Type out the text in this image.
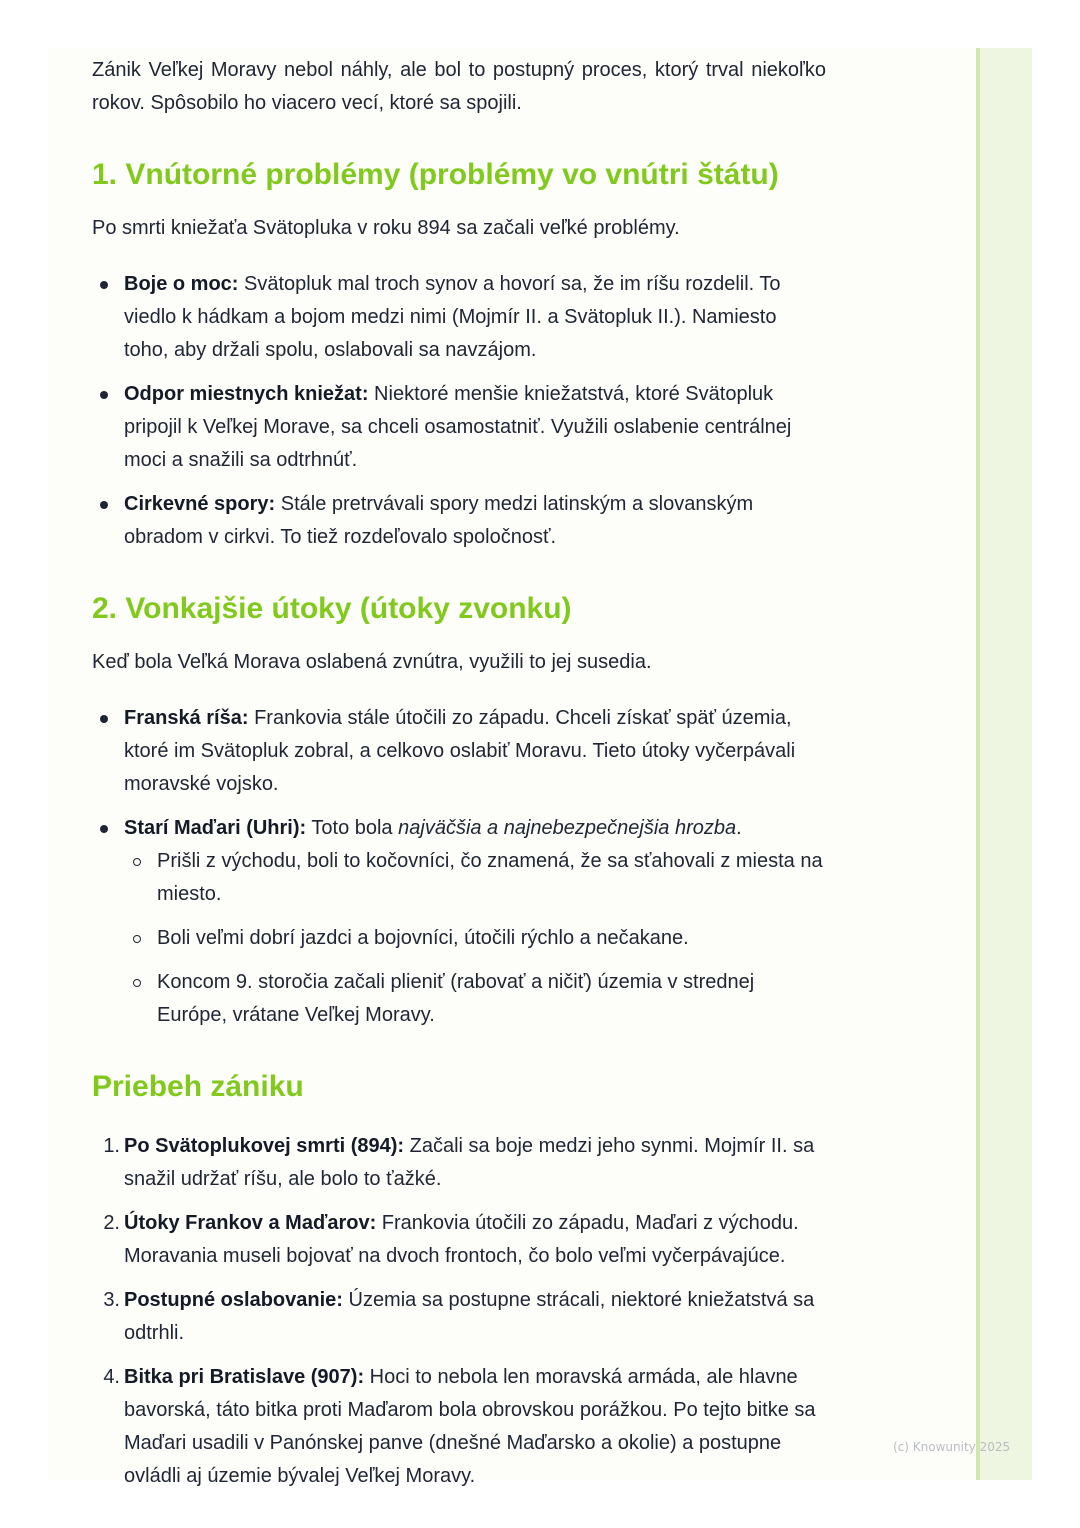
Zánik Veľkej Moravy nebol náhly, ale bol to postupný proces, ktorý trval niekoľko rokov. Spôsobilo ho viacero vecí, ktoré sa spojili.

1. Vnútorné problémy (problémy vo vnútri štátu)

Po smrti kniežaťa Svätopluka v roku 894 sa začali veľké problémy.

Boje o moc: Svätopluk mal troch synov a hovorí sa, že im ríšu rozdelil. To viedlo k hádkam a bojom medzi nimi (Mojmír II. a Svätopluk II.). Namiesto toho, aby držali spolu, oslabovali sa navzájom.
Odpor miestnych kniežat: Niektoré menšie kniežatstvá, ktoré Svätopluk pripojil k Veľkej Morave, sa chceli osamostatniť. Využili oslabenie centrálnej moci a snažili sa odtrhnúť.
Cirkevné spory: Stále pretrvávali spory medzi latinským a slovanským obradom v cirkvi. To tiež rozdeľovalo spoločnosť.
2. Vonkajšie útoky (útoky zvonku)

Keď bola Veľká Morava oslabená zvnútra, využili to jej susedia.

Franská ríša: Frankovia stále útočili zo západu. Chceli získať späť územia, ktoré im Svätopluk zobral, a celkovo oslabiť Moravu. Tieto útoky vyčerpávali moravské vojsko.
Starí Maďari (Uhri): Toto bola najväčšia a najnebezpečnejšia hrozba.
Prišli z východu, boli to kočovníci, čo znamená, že sa sťahovali z miesta na miesto.
Boli veľmi dobrí jazdci a bojovníci, útočili rýchlo a nečakane.
Koncom 9. storočia začali plieniť (rabovať a ničiť) územia v strednej Európe, vrátane Veľkej Moravy.
Priebeh zániku
1. Po Svätoplukovej smrti (894): Začali sa boje medzi jeho synmi. Mojmír II. sa snažil udržať ríšu, ale bolo to ťažké.
2. Útoky Frankov a Maďarov: Frankovia útočili zo západu, Maďari z východu. Moravania museli bojovať na dvoch frontoch, čo bolo veľmi vyčerpávajúce.
3. Postupné oslabovanie: Územia sa postupne strácali, niektoré kniežatstvá sa odtrhli.
4. Bitka pri Bratislave (907): Hoci to nebola len moravská armáda, ale hlavne bavorská, táto bitka proti Maďarom bola obrovskou porážkou. Po tejto bitke sa Maďari usadili v Panónskej panve (dnešné Maďarsko a okolie) a postupne ovládli aj územie bývalej Veľkej Moravy.
(c) Knowunity 2025
